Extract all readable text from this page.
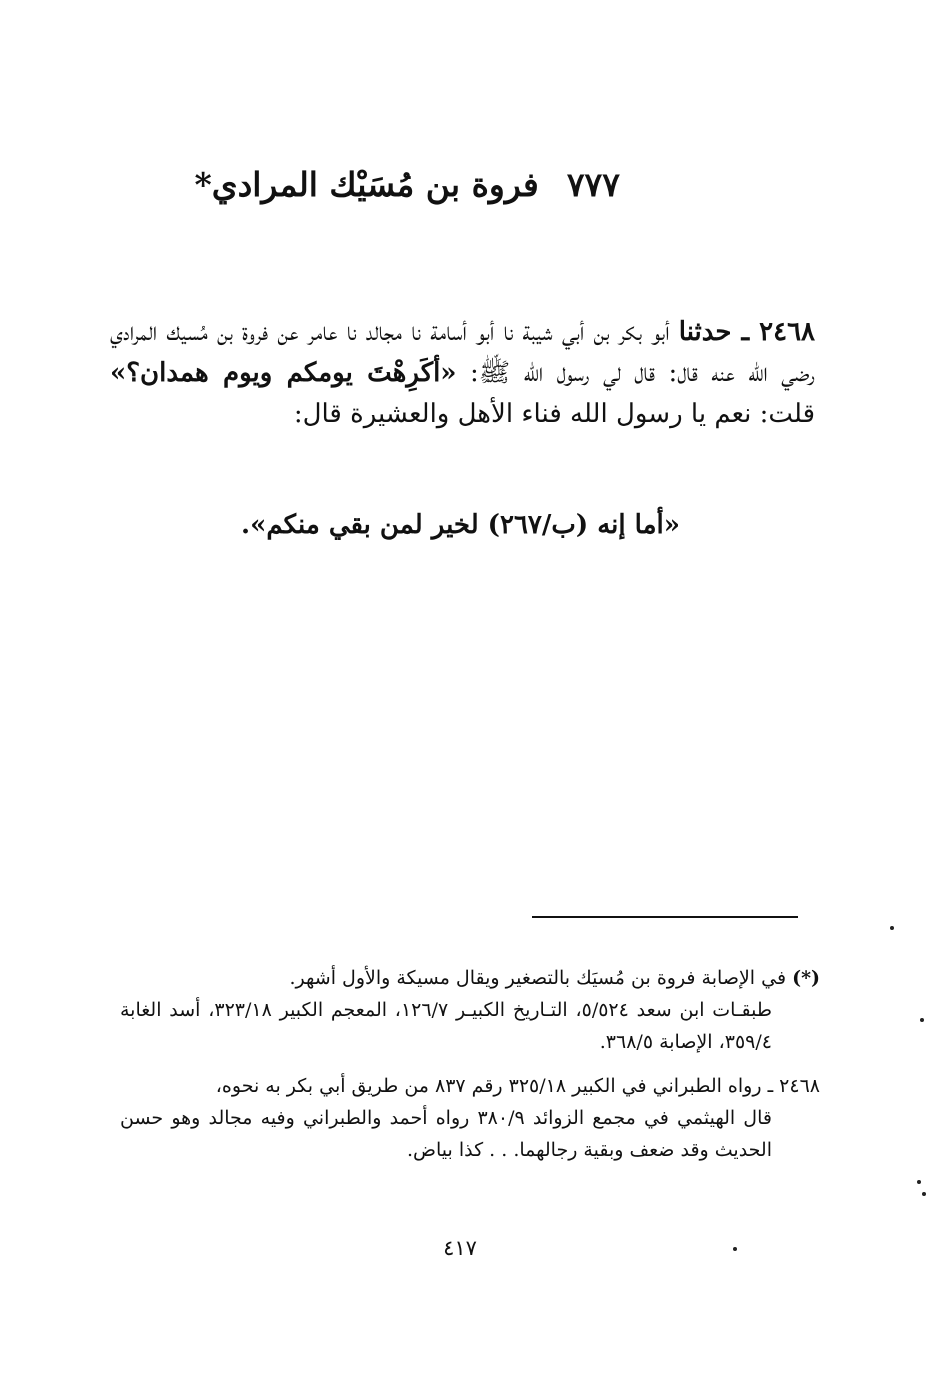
٧٧٧فروة بن مُسَيْك المرادي*

٢٤٦٨ ـ حدثنا أبو بكر بن أبي شيبة نا أبو أسامة نا مجالد نا عامر عن فروة بن مُسيك المرادي رضي الله عنه قال: قال لي رسول الله ﷺ: «أكَرِهْتَ يومكم ويوم همدان؟» قلت: نعم يا رسول الله فناء الأهل والعشيرة قال:

«أما إنه (ب/٢٦٧) لخير لمن بقي منكم».
(*) في الإصابة فروة بن مُسيَك بالتصغير ويقال مسيكة والأول أشهر.
طبقـات ابن سعد ٥/٥٢٤، التـاريخ الكبيـر ١٢٦/٧، المعجم الكبير ٣٢٣/١٨، أسد الغابة ٣٥٩/٤، الإصابة ٣٦٨/٥.
٢٤٦٨ ـ رواه الطبراني في الكبير ٣٢٥/١٨ رقم ٨٣٧ من طريق أبي بكر به نحوه،
قال الهيثمي في مجمع الزوائد ٣٨٠/٩ رواه أحمد والطبراني وفيه مجالد وهو حسن الحديث وقد ضعف وبقية رجالهما. . . كذا بياض.
٤١٧
